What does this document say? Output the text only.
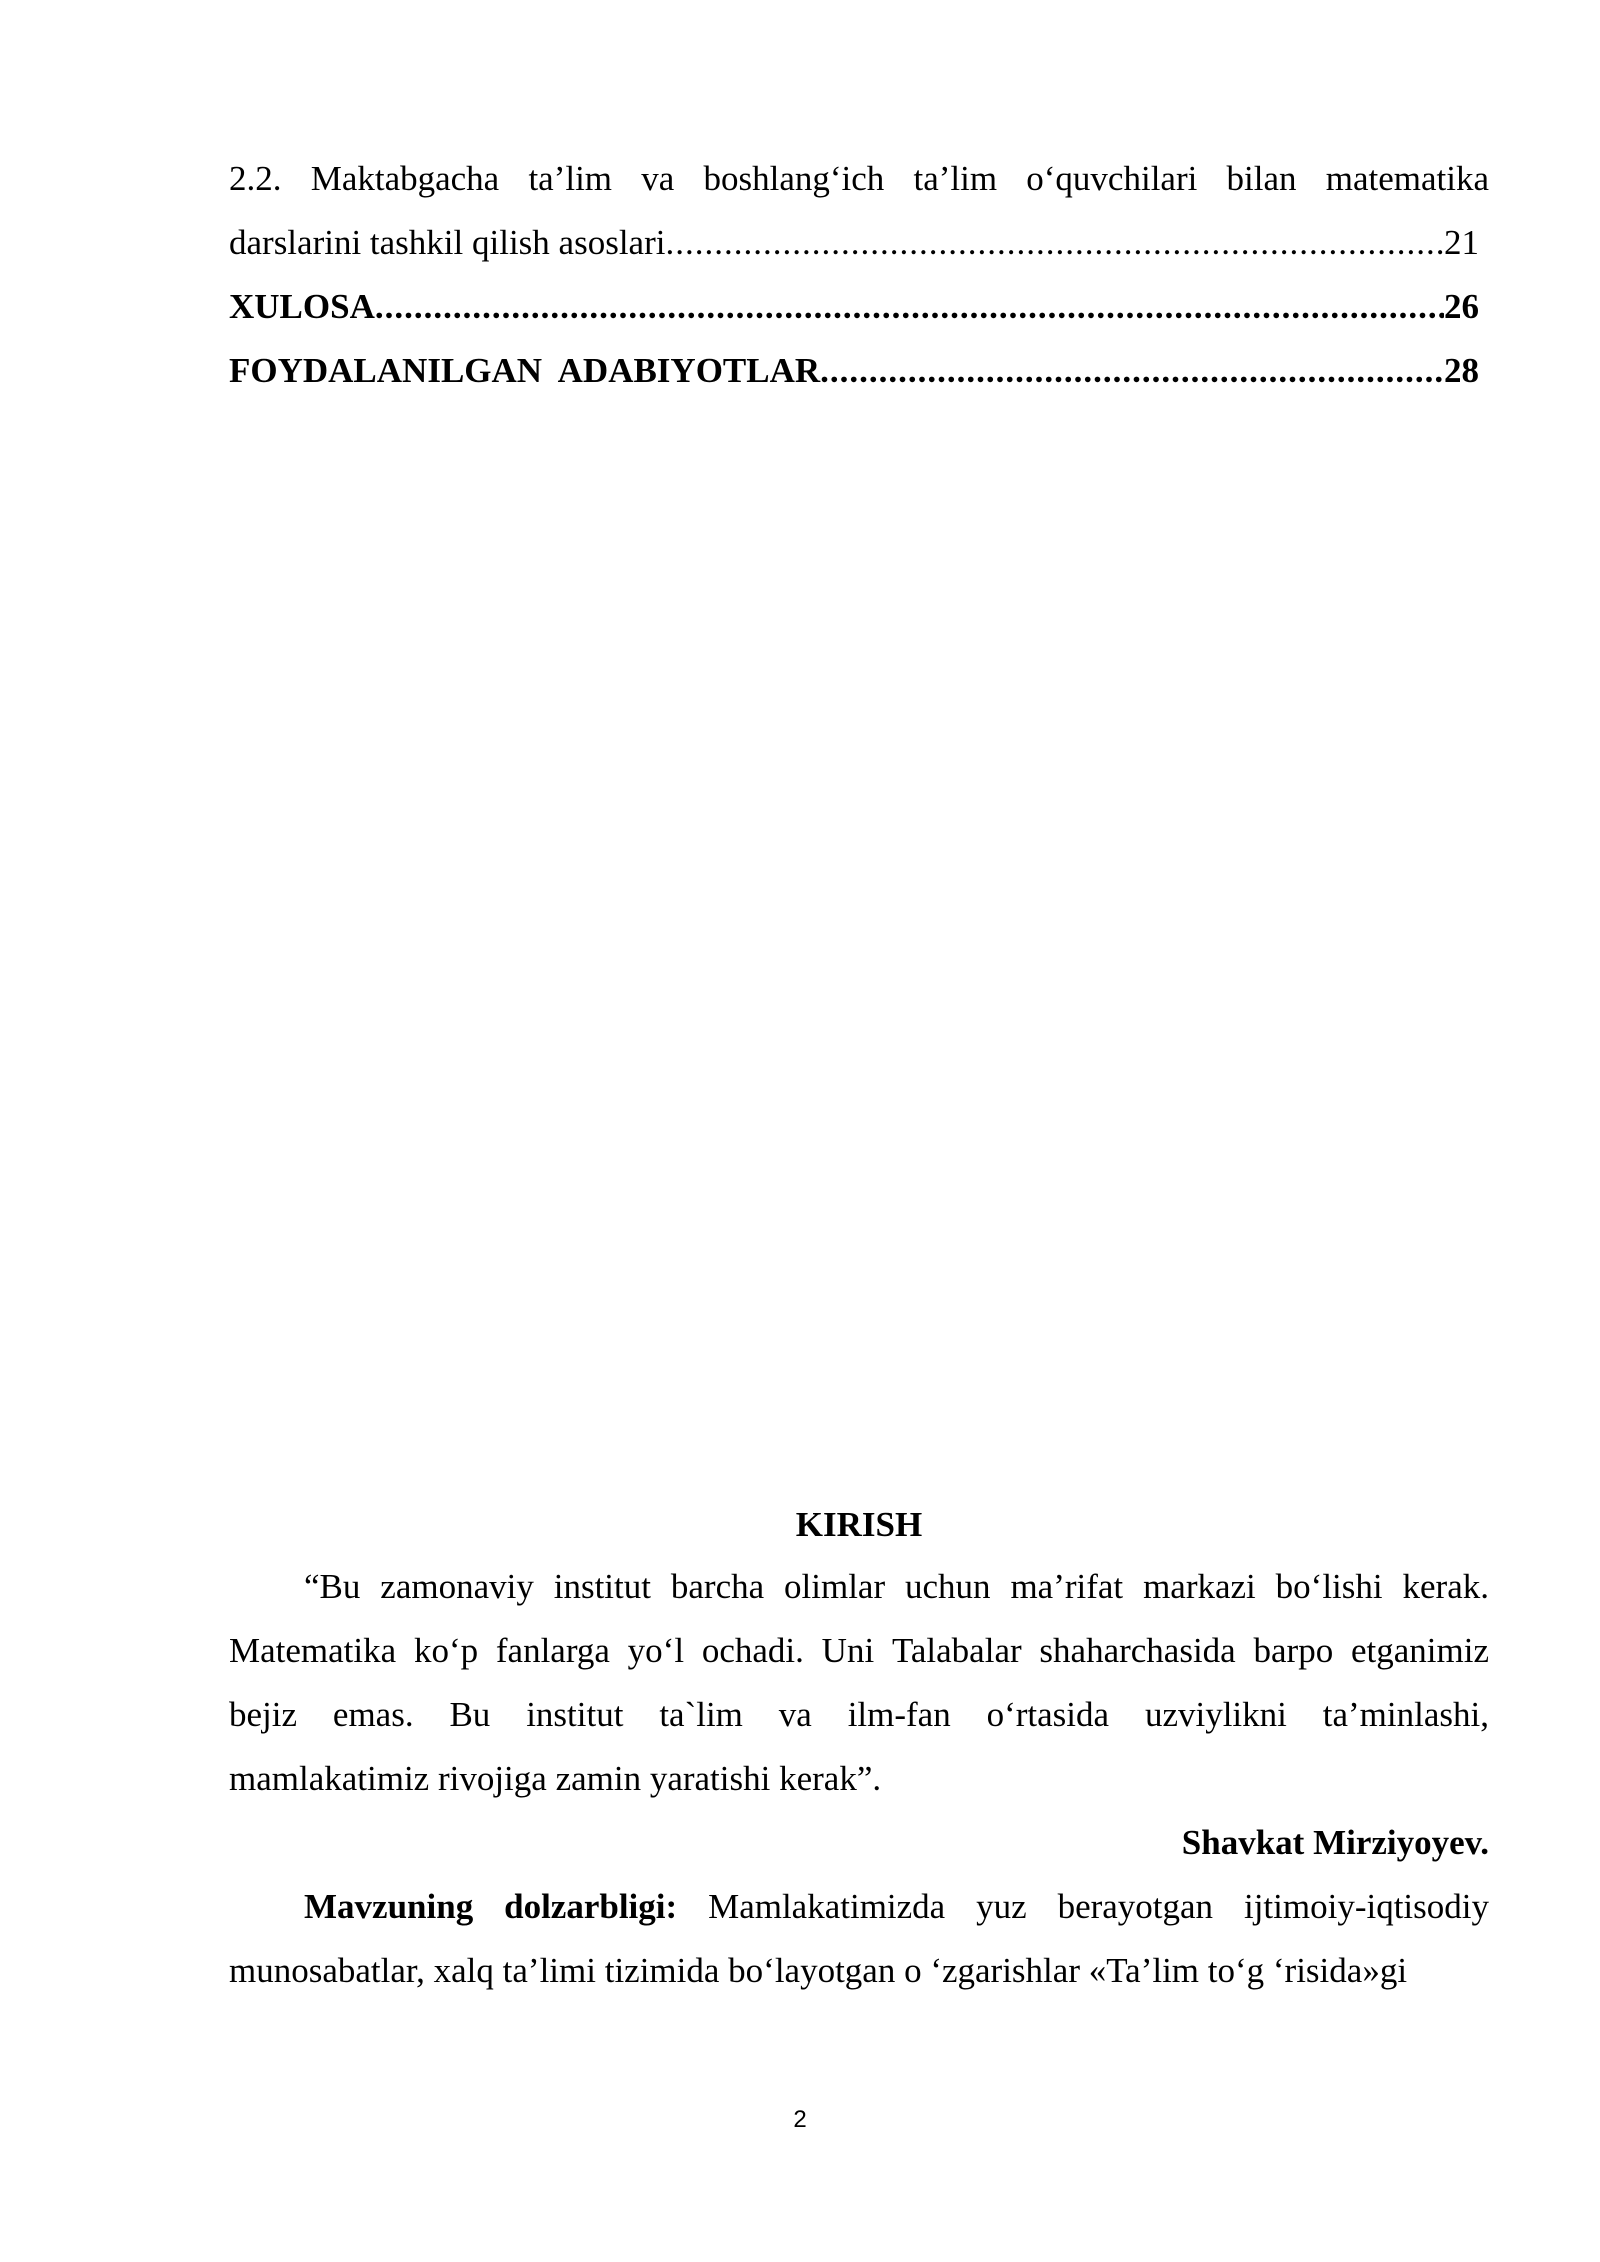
2.2. Maktabgacha ta’lim va boshlang‘ich ta’lim o‘quvchilari bilan matematika
darslarini tashkil qilish asoslari .....	21
XULOSA .....	26
FOYDALANILGAN  ADABIYOTLAR .....	28
KIRISH
“Bu zamonaviy institut barcha olimlar uchun ma’rifat markazi bo‘lishi kerak.
Matematika ko‘p fanlarga yo‘l ochadi. Uni Talabalar shaharchasida barpo etganimiz
bejiz emas. Bu institut ta`lim va ilm-fan o‘rtasida uzviylikni ta’minlashi,
mamlakatimiz rivojiga zamin yaratishi kerak”.
Shavkat Mirziyoyev.
Mavzuning dolzarbligi: Mamlakatimizda yuz berayotgan ijtimoiy-iqtisodiy
munosabatlar, xalq ta’limi tizimida bo‘layotgan o ‘zgarishlar «Ta’lim to‘g ‘risida»gi
2
